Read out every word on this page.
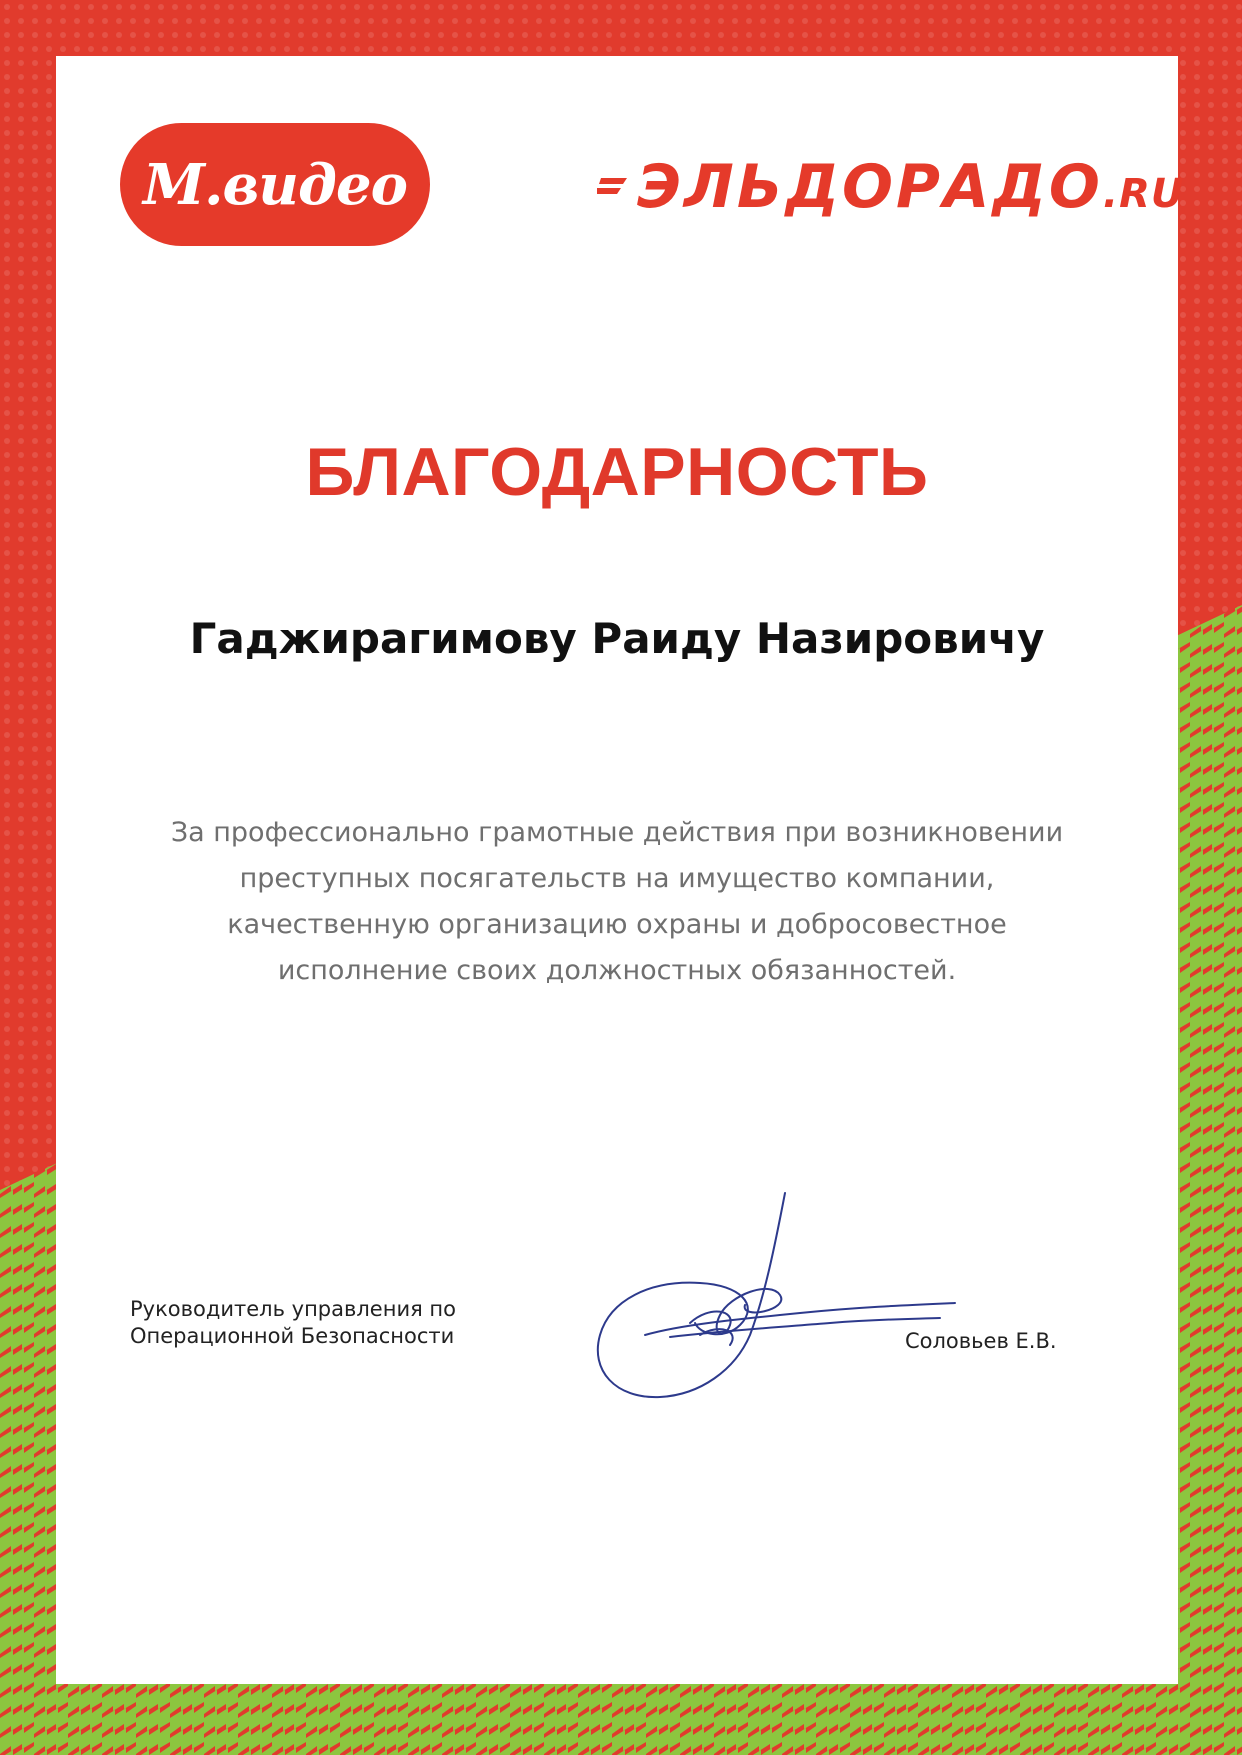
М.видео	ЭЛЬДОРАДО.RU
БЛАГОДАРНОСТЬ
Гаджирагимову Раиду Назировичу
За профессионально грамотные действия при возникновении
преступных посягательств на имущество компании,
качественную организацию охраны и добросовестное
исполнение своих должностных обязанностей.
Руководитель управления по
Операционной Безопасности	Соловьев Е.В.
